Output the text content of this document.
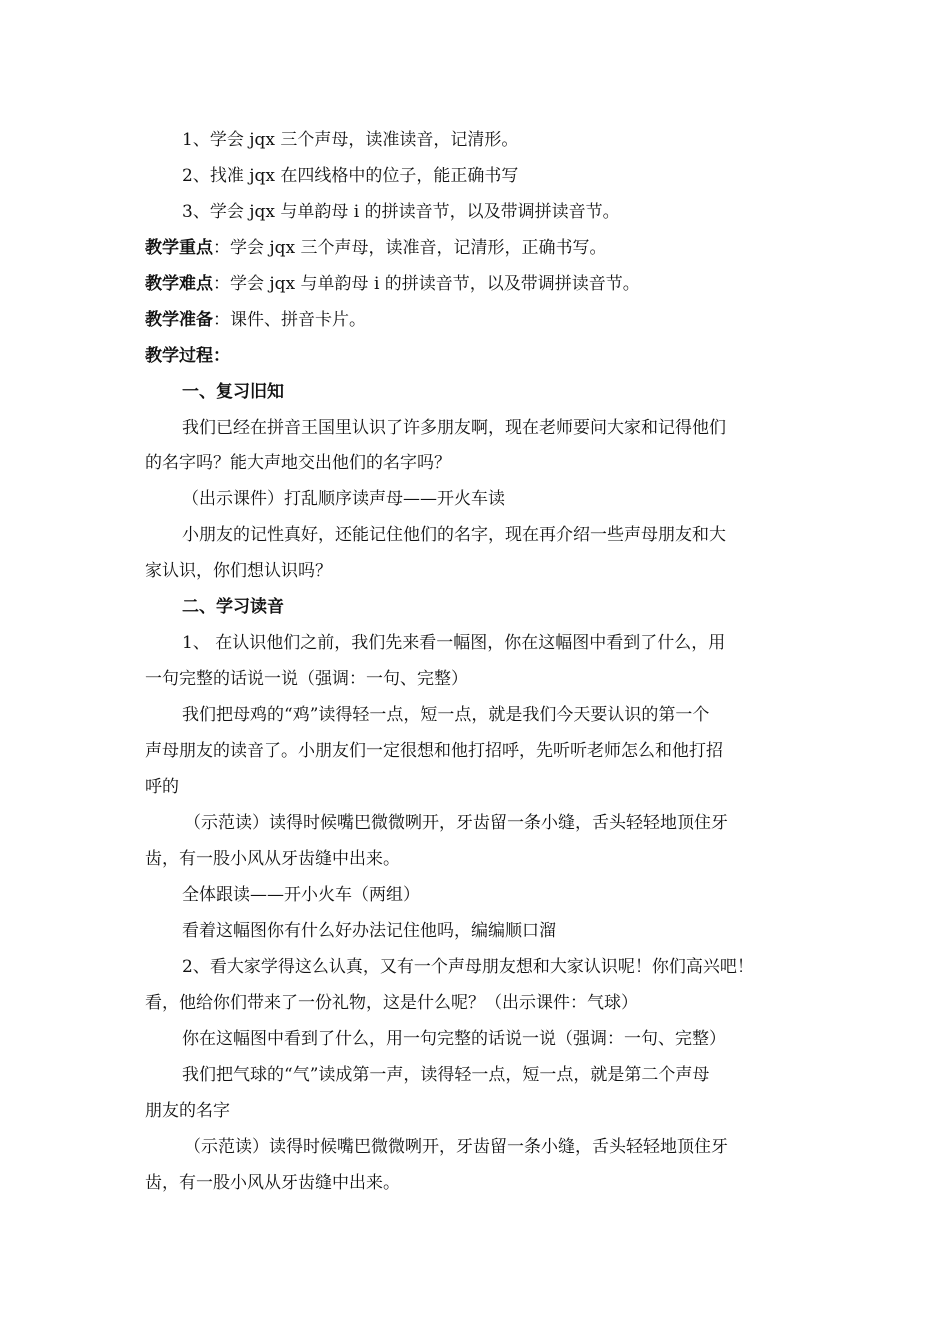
1、学会 jqx 三个声母，读准读音，记清形。
2、找准 jqx 在四线格中的位子，能正确书写
3、学会 jqx 与单韵母 i 的拼读音节，以及带调拼读音节。
教学重点：学会 jqx 三个声母，读准音，记清形，正确书写。
教学难点：学会 jqx 与单韵母 i 的拼读音节，以及带调拼读音节。
教学准备：课件、拼音卡片。
教学过程：
一、复习旧知
我们已经在拼音王国里认识了许多朋友啊，现在老师要问大家和记得他们
的名字吗？能大声地交出他们的名字吗？
（出示课件）打乱顺序读声母——开火车读
小朋友的记性真好，还能记住他们的名字，现在再介绍一些声母朋友和大
家认识，你们想认识吗？
二、学习读音
1、 在认识他们之前，我们先来看一幅图，你在这幅图中看到了什么，用
一句完整的话说一说（强调：一句、完整）
我们把母鸡的“鸡”读得轻一点，短一点，就是我们今天要认识的第一个
声母朋友的读音了。小朋友们一定很想和他打招呼，先听听老师怎么和他打招
呼的
（示范读）读得时候嘴巴微微咧开，牙齿留一条小缝，舌头轻轻地顶住牙
齿，有一股小风从牙齿缝中出来。
全体跟读——开小火车（两组）
看着这幅图你有什么好办法记住他吗，编编顺口溜
2、看大家学得这么认真，又有一个声母朋友想和大家认识呢！你们高兴吧！
看，他给你们带来了一份礼物，这是什么呢？（出示课件：气球）
你在这幅图中看到了什么，用一句完整的话说一说（强调：一句、完整）
我们把气球的“气”读成第一声，读得轻一点，短一点，就是第二个声母
朋友的名字
（示范读）读得时候嘴巴微微咧开，牙齿留一条小缝，舌头轻轻地顶住牙
齿，有一股小风从牙齿缝中出来。
